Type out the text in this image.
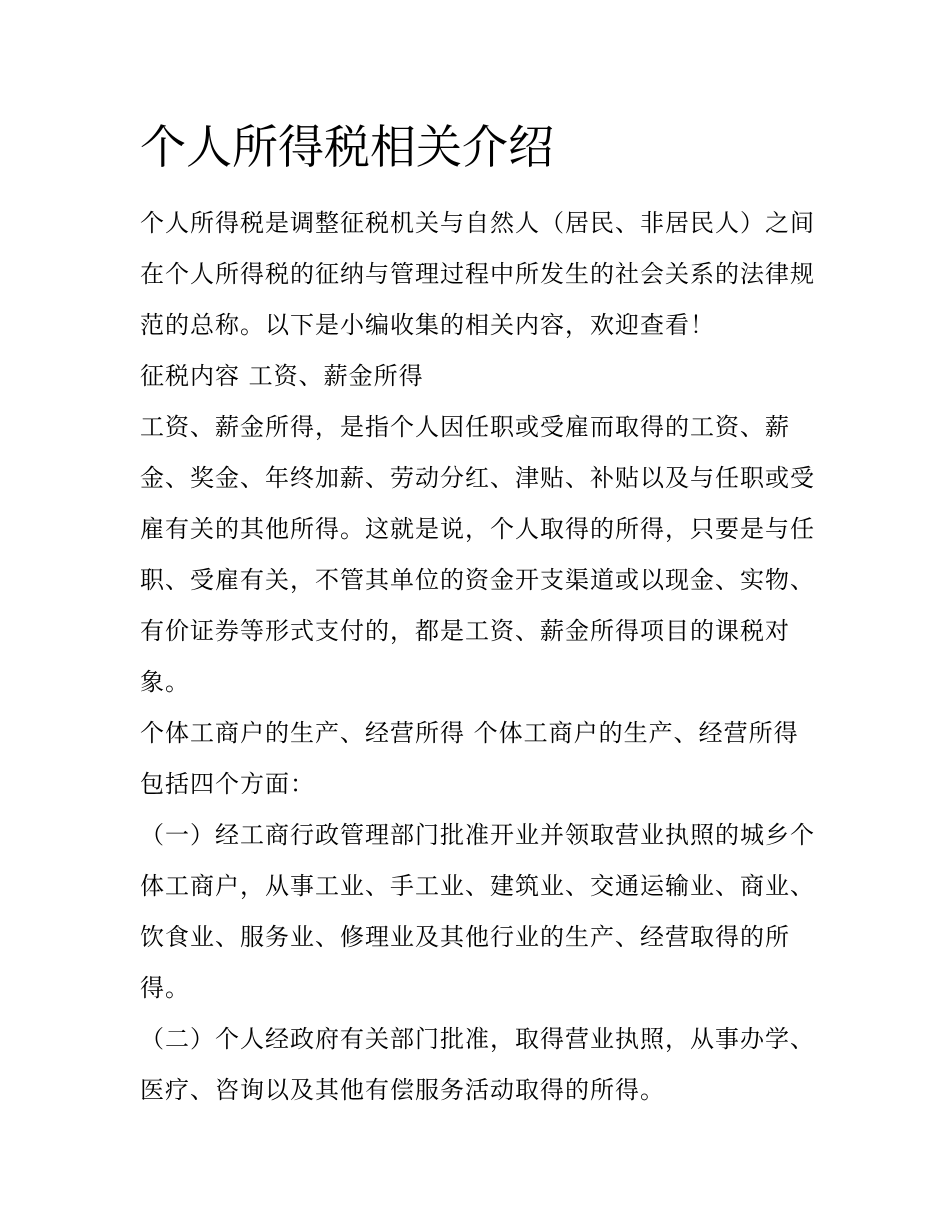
个人所得税相关介绍

个人所得税是调整征税机关与自然人（居民、非居民人）之间在个人所得税的征纳与管理过程中所发生的社会关系的法律规范的总称。以下是小编收集的相关内容，欢迎查看！

征税内容 工资、薪金所得

工资、薪金所得，是指个人因任职或受雇而取得的工资、薪金、奖金、年终加薪、劳动分红、津贴、补贴以及与任职或受雇有关的其他所得。这就是说，个人取得的所得，只要是与任职、受雇有关，不管其单位的资金开支渠道或以现金、实物、有价证券等形式支付的，都是工资、薪金所得项目的课税对象。

个体工商户的生产、经营所得 个体工商户的生产、经营所得包括四个方面：

（一）经工商行政管理部门批准开业并领取营业执照的城乡个体工商户，从事工业、手工业、建筑业、交通运输业、商业、饮食业、服务业、修理业及其他行业的生产、经营取得的所得。

（二）个人经政府有关部门批准，取得营业执照，从事办学、医疗、咨询以及其他有偿服务活动取得的所得。
